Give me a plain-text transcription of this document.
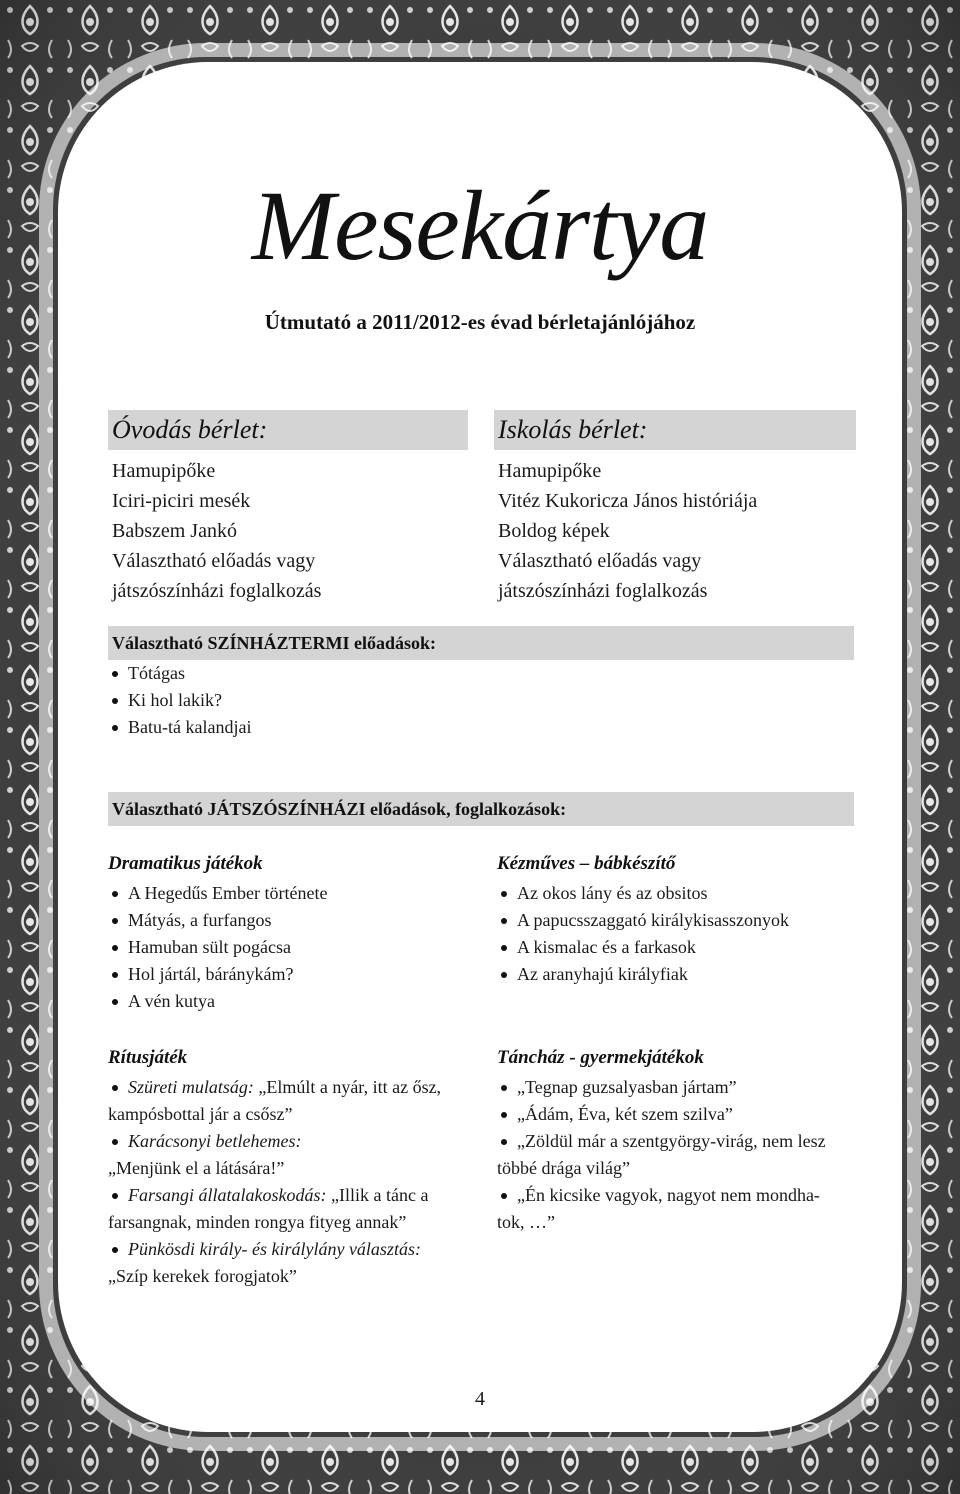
Mesekártya
Útmutató a 2011/2012-es évad bérletajánlójához
Óvodás bérlet:
Hamupipőke
Iciri-piciri mesék
Babszem Jankó
Választható előadás vagy
játszószínházi foglalkozás
Iskolás bérlet:
Hamupipőke
Vitéz Kukoricza János históriája
Boldog képek
Választható előadás vagy
játszószínházi foglalkozás
Választható SZÍNHÁZTERMI előadások:
Tótágas
Ki hol lakik?
Batu-tá kalandjai
Választható JÁTSZÓSZÍNHÁZI előadások, foglalkozások:
Dramatikus játékok
A Hegedűs Ember története
Mátyás, a furfangos
Hamuban sült pogácsa
Hol jártál, báránykám?
A vén kutya
Kézműves – bábkészítő
Az okos lány és az obsitos
A papucsszaggató királykisasszonyok
A kismalac és a farkasok
Az aranyhajú királyfiak
Rítusjáték
Szüreti mulatság: „Elmúlt a nyár, itt az ősz,
kampósbottal jár a csősz”
Karácsonyi betlehemes:
„Menjünk el a látására!”
Farsangi állatalakoskodás: „Illik a tánc a
farsangnak, minden rongya fityeg annak”
Pünkösdi király- és királylány választás:
„Szíp kerekek forogjatok”
Táncház - gyermekjátékok
„Tegnap guzsalyasban jártam”
„Ádám, Éva, két szem szilva”
„Zöldül már a szentgyörgy-virág, nem lesz
többé drága világ”
„Én kicsike vagyok, nagyot nem mondha-
tok, …”
4
